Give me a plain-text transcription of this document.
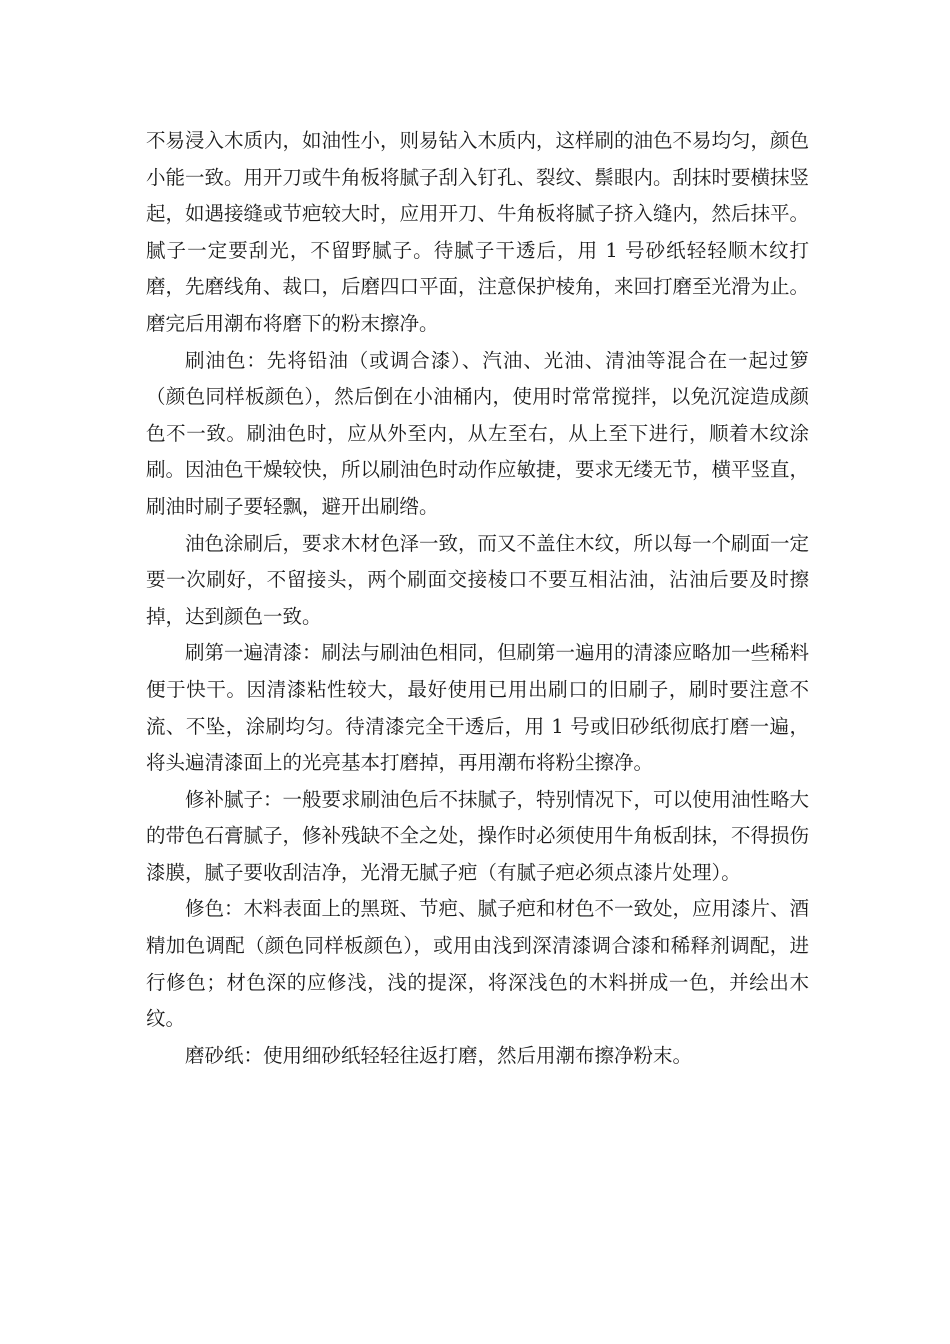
不易浸入木质内，如油性小，则易钻入木质内，这样刷的油色不易均匀，颜色小能一致。用开刀或牛角板将腻子刮入钉孔、裂纹、鬃眼内。刮抹时要横抹竖起，如遇接缝或节疤较大时，应用开刀、牛角板将腻子挤入缝内，然后抹平。腻子一定要刮光，不留野腻子。待腻子干透后，用 1 号砂纸轻轻顺木纹打磨，先磨线角、裁口，后磨四口平面，注意保护棱角，来回打磨至光滑为止。磨完后用潮布将磨下的粉末擦净。

刷油色：先将铅油（或调合漆）、汽油、光油、清油等混合在一起过箩（颜色同样板颜色），然后倒在小油桶内，使用时常常搅拌，以免沉淀造成颜色不一致。刷油色时，应从外至内，从左至右，从上至下进行，顺着木纹涂刷。因油色干燥较快，所以刷油色时动作应敏捷，要求无缕无节，横平竖直，刷油时刷子要轻飘，避开出刷绺。

油色涂刷后，要求木材色泽一致，而又不盖住木纹，所以每一个刷面一定要一次刷好，不留接头，两个刷面交接棱口不要互相沾油，沾油后要及时擦掉，达到颜色一致。

刷第一遍清漆：刷法与刷油色相同，但刷第一遍用的清漆应略加一些稀料便于快干。因清漆粘性较大，最好使用已用出刷口的旧刷子，刷时要注意不流、不坠，涂刷均匀。待清漆完全干透后，用 1 号或旧砂纸彻底打磨一遍，将头遍清漆面上的光亮基本打磨掉，再用潮布将粉尘擦净。

修补腻子：一般要求刷油色后不抹腻子，特别情况下，可以使用油性略大的带色石膏腻子，修补残缺不全之处，操作时必须使用牛角板刮抹，不得损伤漆膜，腻子要收刮洁净，光滑无腻子疤（有腻子疤必须点漆片处理）。

修色：木料表面上的黑斑、节疤、腻子疤和材色不一致处，应用漆片、酒精加色调配（颜色同样板颜色），或用由浅到深清漆调合漆和稀释剂调配，进行修色；材色深的应修浅，浅的提深，将深浅色的木料拼成一色，并绘出木纹。

磨砂纸：使用细砂纸轻轻往返打磨，然后用潮布擦净粉末。
